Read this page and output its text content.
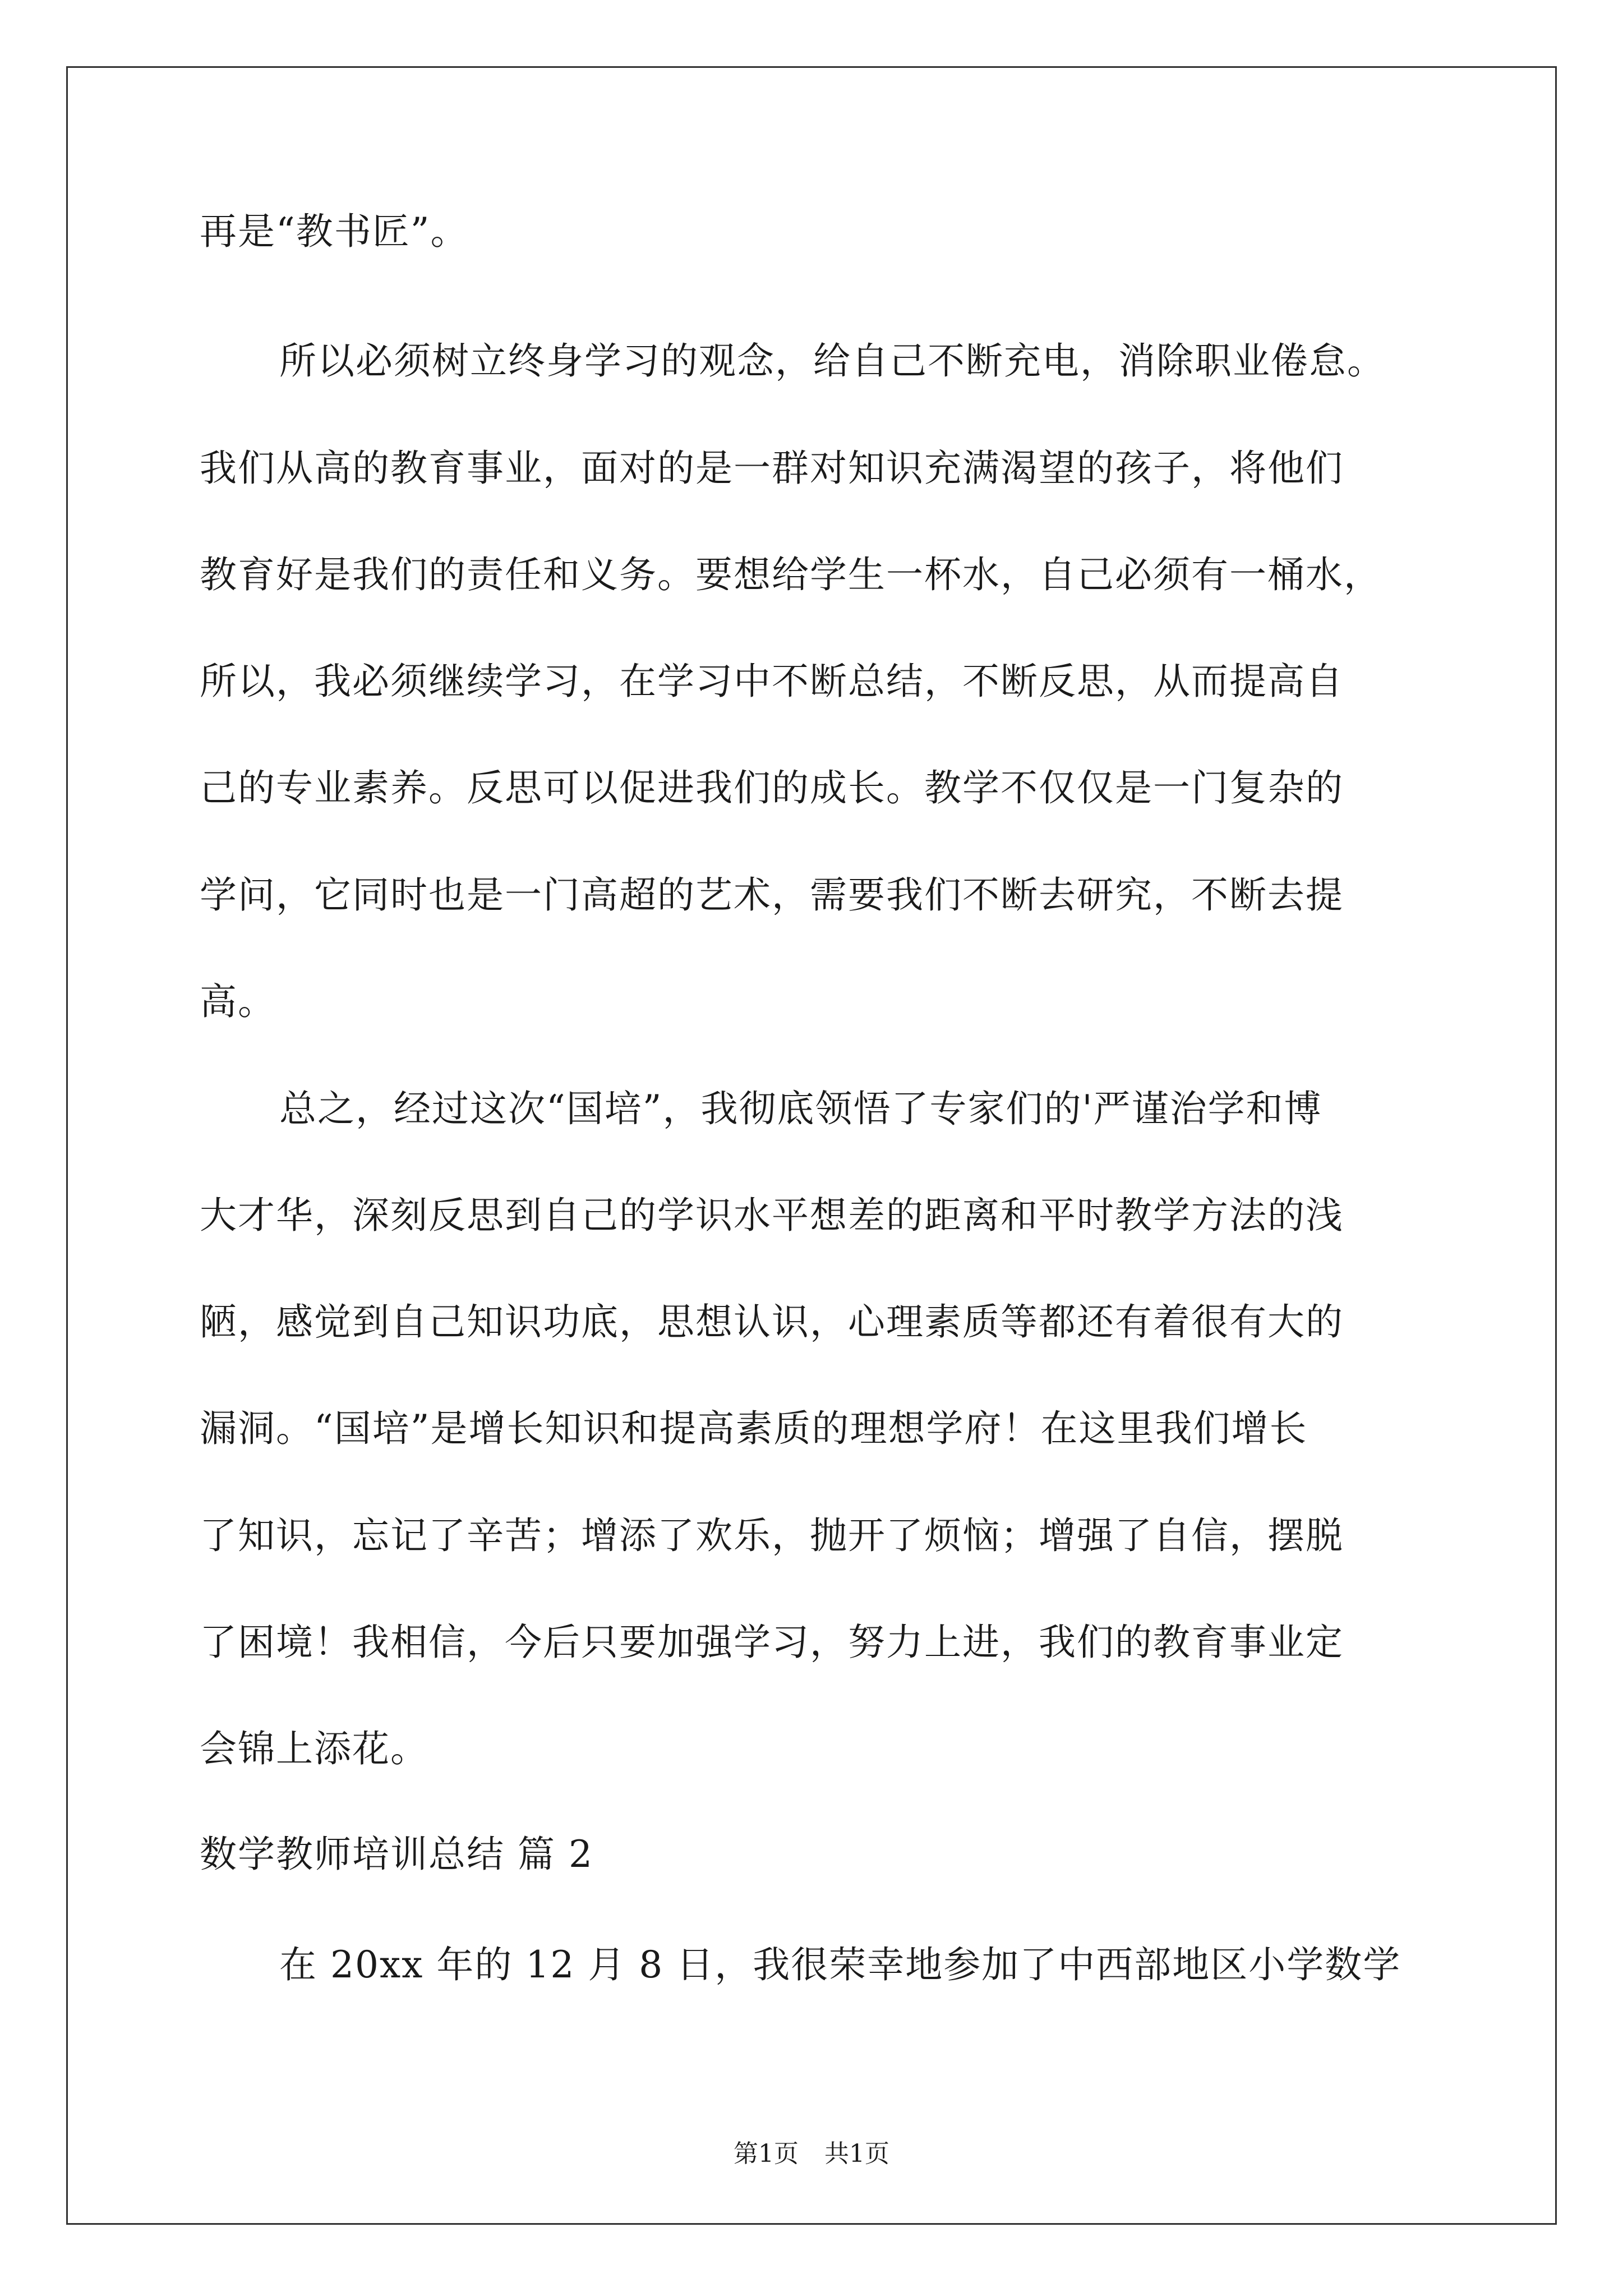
再是“教书匠”。
所以必须树立终身学习的观念，给自己不断充电，消除职业倦怠。
我们从高的教育事业，面对的是一群对知识充满渴望的孩子，将他们
教育好是我们的责任和义务。要想给学生一杯水，自己必须有一桶水，
所以，我必须继续学习，在学习中不断总结，不断反思，从而提高自
己的专业素养。反思可以促进我们的成长。教学不仅仅是一门复杂的
学问，它同时也是一门高超的艺术，需要我们不断去研究，不断去提
高。
总之，经过这次“国培”，我彻底领悟了专家们的'严谨治学和博
大才华，深刻反思到自己的学识水平想差的距离和平时教学方法的浅
陋，感觉到自己知识功底，思想认识，心理素质等都还有着很有大的
漏洞。“国培”是增长知识和提高素质的理想学府！在这里我们增长
了知识，忘记了辛苦；增添了欢乐，抛开了烦恼；增强了自信，摆脱
了困境！我相信，今后只要加强学习，努力上进，我们的教育事业定
会锦上添花。
数学教师培训总结 篇 2
在 20xx 年的 12 月 8 日，我很荣幸地参加了中西部地区小学数学
第1页 共1页
